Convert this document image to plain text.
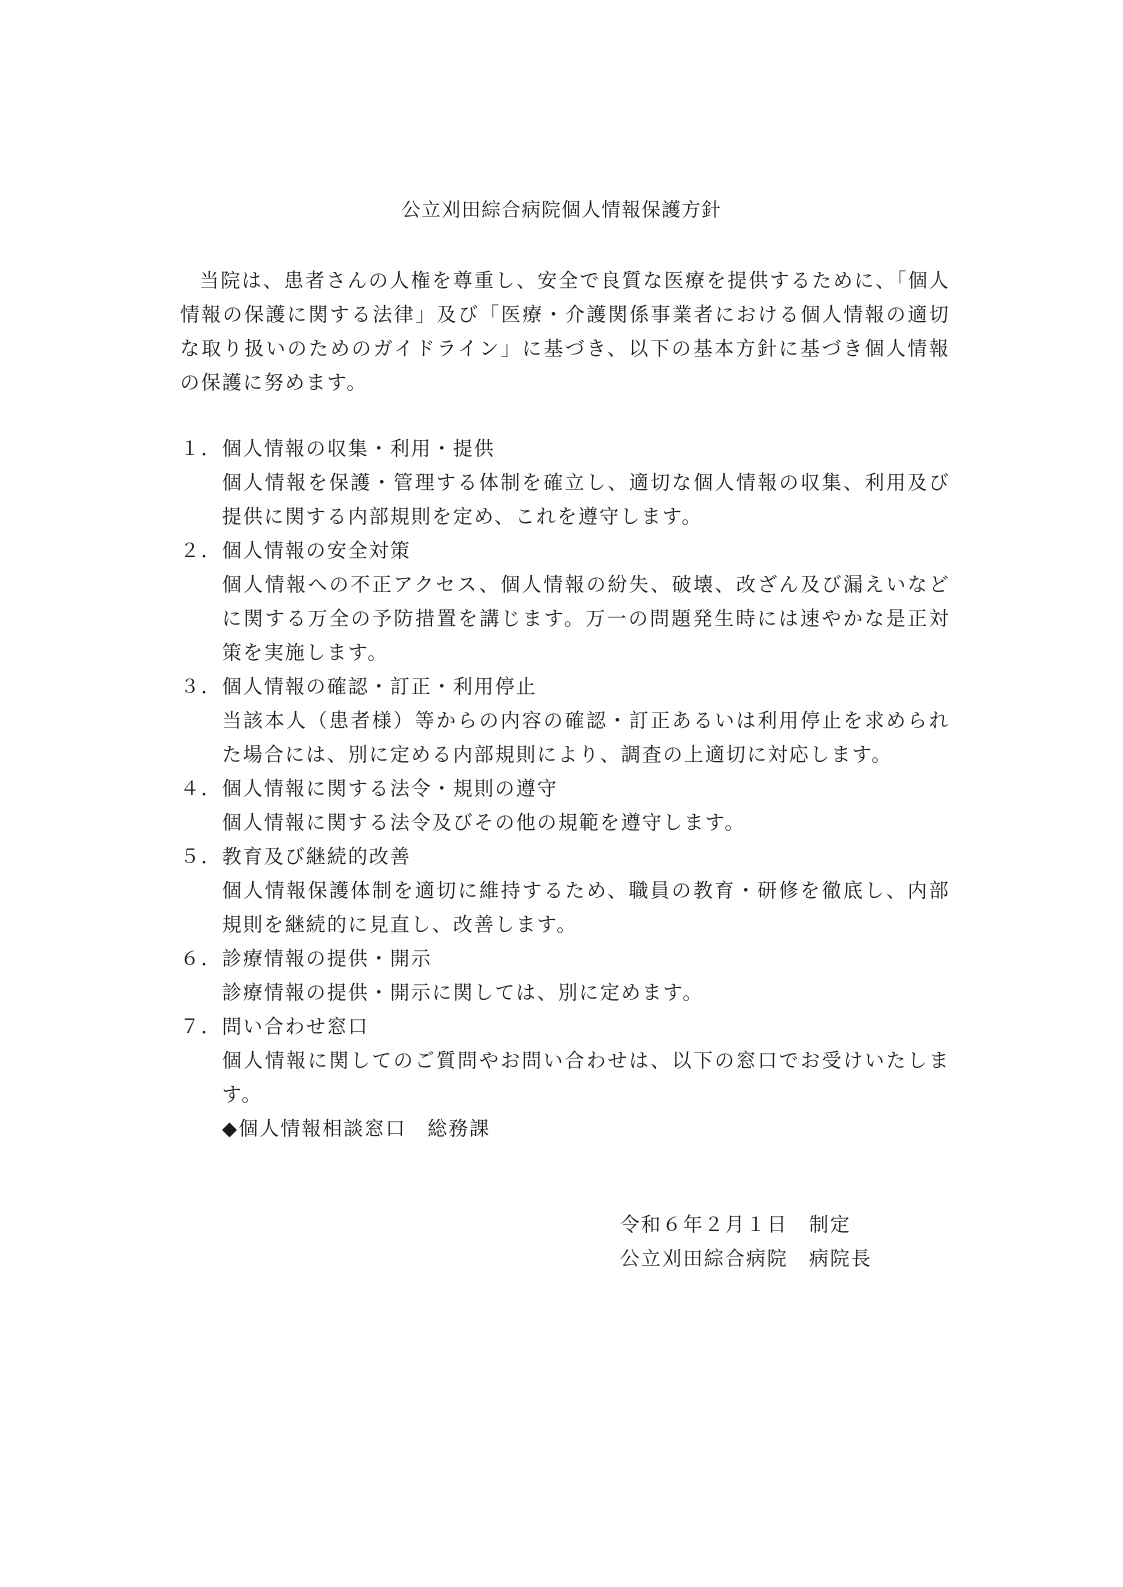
公立刈田綜合病院個人情報保護方針
当院は、患者さんの人権を尊重し、安全で良質な医療を提供するために、「個人情報の保護に関する法律」及び「医療・介護関係事業者における個人情報の適切な取り扱いのためのガイドライン」に基づき、以下の基本方針に基づき個人情報の保護に努めます。
１． 個人情報の収集・利用・提供
個人情報を保護・管理する体制を確立し、適切な個人情報の収集、利用及び提供に関する内部規則を定め、これを遵守します。
２． 個人情報の安全対策
個人情報への不正アクセス、個人情報の紛失、破壊、改ざん及び漏えいなどに関する万全の予防措置を講じます。万一の問題発生時には速やかな是正対策を実施します。
３． 個人情報の確認・訂正・利用停止
当該本人（患者様）等からの内容の確認・訂正あるいは利用停止を求められた場合には、別に定める内部規則により、調査の上適切に対応します。
４． 個人情報に関する法令・規則の遵守
個人情報に関する法令及びその他の規範を遵守します。
５． 教育及び継続的改善
個人情報保護体制を適切に維持するため、職員の教育・研修を徹底し、内部規則を継続的に見直し、改善します。
６． 診療情報の提供・開示
診療情報の提供・開示に関しては、別に定めます。
７． 問い合わせ窓口
個人情報に関してのご質問やお問い合わせは、以下の窓口でお受けいたします。
◆個人情報相談窓口　総務課
令和６年２月１日　制定
公立刈田綜合病院　病院長
